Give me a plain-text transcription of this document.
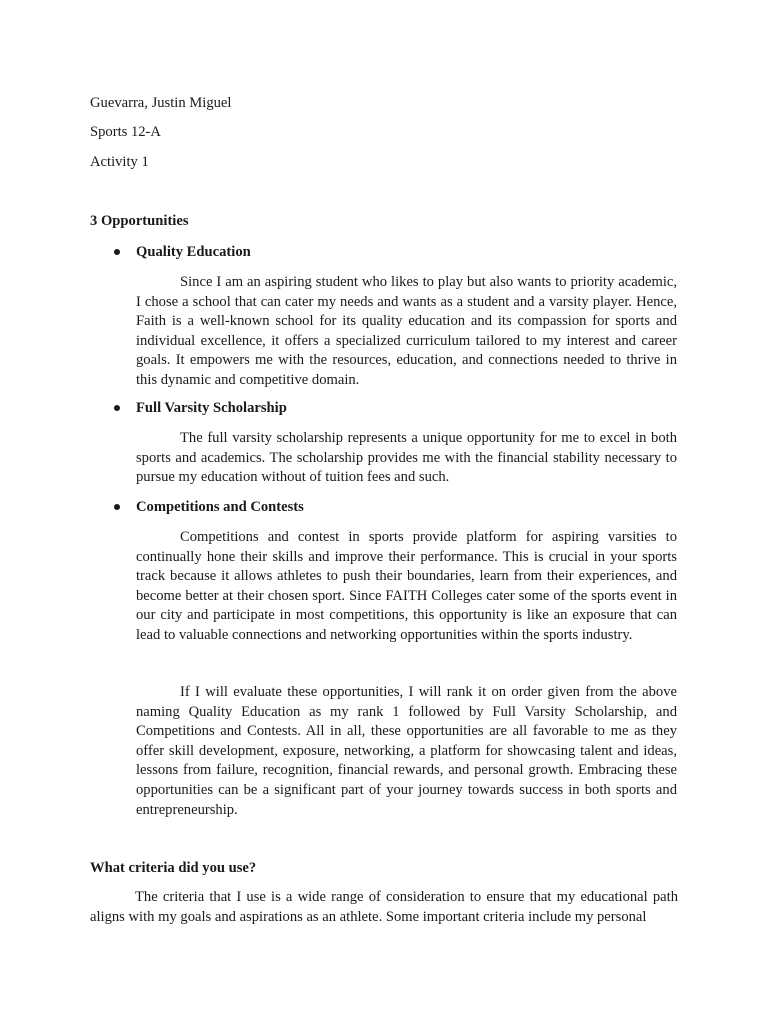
Guevarra, Justin Miguel
Sports 12-A
Activity 1
3 Opportunities
Quality Education

Since I am an aspiring student who likes to play but also wants to priority academic, I chose a school that can cater my needs and wants as a student and a varsity player. Hence, Faith is a well-known school for its quality education and its compassion for sports and individual excellence, it offers a specialized curriculum tailored to my interest and career goals. It empowers me with the resources, education, and connections needed to thrive in this dynamic and competitive domain.

Full Varsity Scholarship

The full varsity scholarship represents a unique opportunity for me to excel in both sports and academics. The scholarship provides me with the financial stability necessary to pursue my education without of tuition fees and such.

Competitions and Contests

Competitions and contest in sports provide platform for aspiring varsities to continually hone their skills and improve their performance. This is crucial in your sports track because it allows athletes to push their boundaries, learn from their experiences, and become better at their chosen sport. Since FAITH Colleges cater some of the sports event in our city and participate in most competitions, this opportunity is like an exposure that can lead to valuable connections and networking opportunities within the sports industry.

If I will evaluate these opportunities, I will rank it on order given from the above naming Quality Education as my rank 1 followed by Full Varsity Scholarship, and Competitions and Contests. All in all, these opportunities are all favorable to me as they offer skill development, exposure, networking, a platform for showcasing talent and ideas, lessons from failure, recognition, financial rewards, and personal growth. Embracing these opportunities can be a significant part of your journey towards success in both sports and entrepreneurship.

What criteria did you use?

The criteria that I use is a wide range of consideration to ensure that my educational path aligns with my goals and aspirations as an athlete. Some important criteria include my personal
